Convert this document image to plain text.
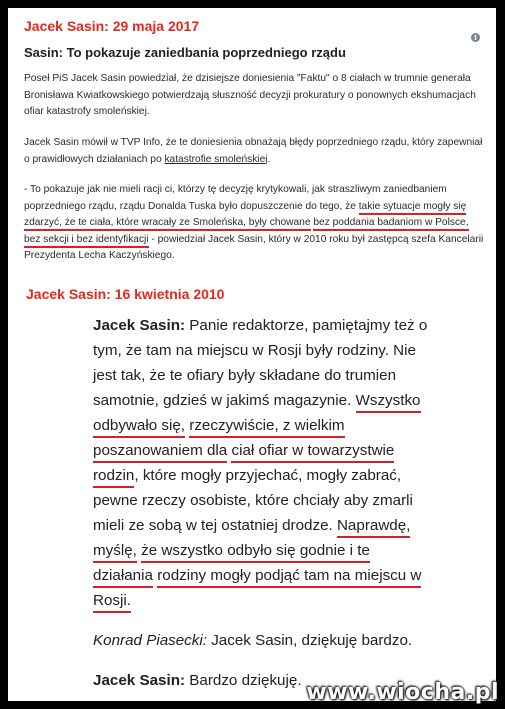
Jacek Sasin: 29 maja 2017
i
Sasin: To pokazuje zaniedbania poprzedniego rządu

Poseł PiS Jacek Sasin powiedział, że dzisiejsze doniesienia "Faktu" o 8 ciałach w trumnie generała Bronisława Kwiatkowskiego potwierdzają słuszność decyzji prokuratury o ponownych ekshumacjach ofiar katastrofy smoleńskiej.

Jacek Sasin mówił w TVP Info, że te doniesienia obnażają błędy poprzedniego rządu, który zapewniał o prawidłowych działaniach po katastrofie smoleńskiej.

- To pokazuje jak nie mieli racji ci, którzy tę decyzję krytykowali, jak straszliwym zaniedbaniem poprzedniego rządu, rządu Donalda Tuska było dopuszczenie do tego, że takie sytuacje mogły się zdarzyć, że te ciała, które wracały ze Smoleńska, były chowane bez poddania badaniom w Polsce, bez sekcji i bez identyfikacji - powiedział Jacek Sasin, który w 2010 roku był zastępcą szefa Kancelarii Prezydenta Lecha Kaczyńskiego.

Jacek Sasin: 16 kwietnia 2010

Jacek Sasin: Panie redaktorze, pamiętajmy też o tym, że tam na miejscu w Rosji były rodziny. Nie jest tak, że te ofiary były składane do trumien samotnie, gdzieś w jakimś magazynie. Wszystko odbywało się, rzeczywiście, z wielkim poszanowaniem dla ciał ofiar w towarzystwie rodzin, które mogły przyjechać, mogły zabrać, pewne rzeczy osobiste, które chciały aby zmarli mieli ze sobą w tej ostatniej drodze. Naprawdę, myślę, że wszystko odbyło się godnie i te działania rodziny mogły podjąć tam na miejscu w Rosji.

Konrad Piasecki: Jacek Sasin, dziękuję bardzo.

Jacek Sasin: Bardzo dziękuję. www.wiocha.pl
